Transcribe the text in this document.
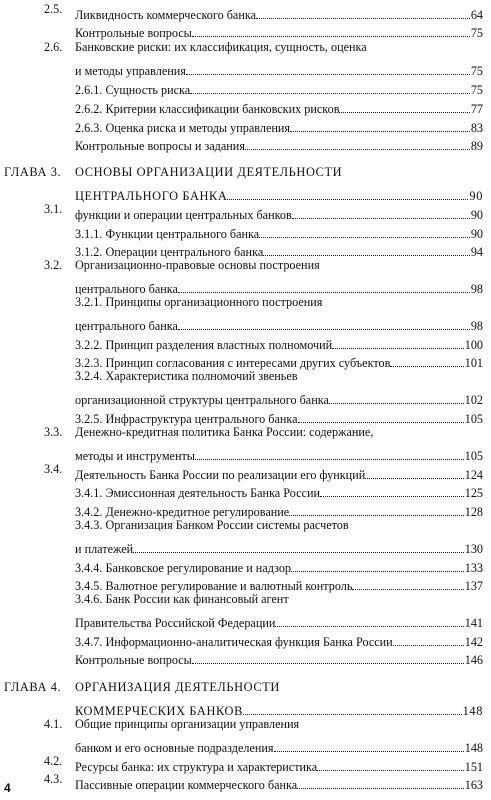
2.5. Ликвидность коммерческого банка	64
Контрольные вопросы	75
2.6. Банковские риски: их классификация, сущность, оценка
и методы управления	75
2.6.1. Сущность риска	75
2.6.2. Критерии классификации банковских рисков	77
2.6.3. Оценка риска и методы управления	83
Контрольные вопросы и задания	89
ГЛАВА 3. ОСНОВЫ ОРГАНИЗАЦИИ ДЕЯТЕЛЬНОСТИ
ЦЕНТРАЛЬНОГО БАНКА	90
3.1. функции и операции центральных банков	90
3.1.1. Функции центрального банка	90
3.1.2. Операции центрального банка	94
3.2. Организационно-правовые основы построения
центрального банка	98
3.2.1. Принципы организационного построения
центрального банка	98
3.2.2. Принцип разделения властных полномочий	100
3.2.3. Принцип согласования с интересами других субъектов	101
3.2.4. Характеристика полномочий звеньев
организационной структуры центрального банка	102
3.2.5. Инфраструктура центрального банка	105
3.3. Денежно-кредитная политика Банка России: содержание,
методы и инструменты	105
3.4. Деятельность Банка России по реализации его функций	124
3.4.1. Эмиссионная деятельность Банка России	125
3.4.2. Денежно-кредитное регулирование	128
3.4.3. Организация Банком России системы расчетов
и платежей	130
3.4.4. Банковское регулирование и надзор	133
3.4.5. Валютное регулирование и валютный контроль	137
3.4.6. Банк России как финансовый агент
Правительства Российской Федерации	141
3.4.7. Информационно-аналитическая функция Банка России	142
Контрольные вопросы	146
ГЛАВА 4. ОРГАНИЗАЦИЯ ДЕЯТЕЛЬНОСТИ
КОММЕРЧЕСКИХ БАНКОВ	148
4.1. Общие принципы организации управления
банком и его основные подразделения	148
4.2. Ресурсы банка: их структура и характеристика	151
4.3. Пассивные операции коммерческого банка	163
4
